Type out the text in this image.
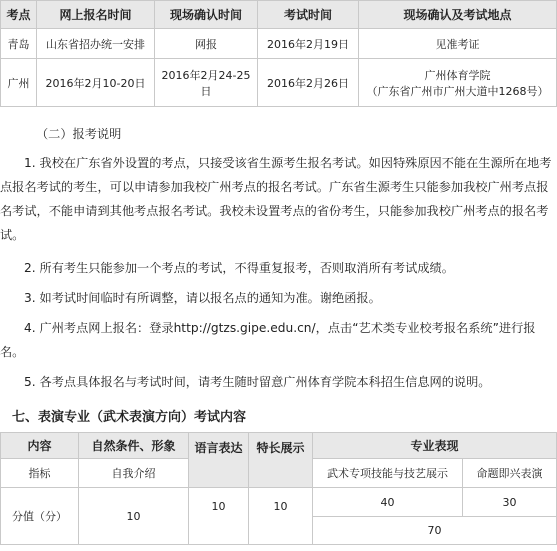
考点	网上报名时间	现场确认时间	考试时间	现场确认及考试地点
青岛	山东省招办统一安排	网报	2016年2月19日	见准考证
广州	2016年2月10-20日	2016年2月24-25日	2016年2月26日	广州体育学院
（广东省广州市广州大道中1268号）

（二）报考说明

1. 我校在广东省外设置的考点，只接受该省生源考生报名考试。如因特殊原因不能在生源所在地考点报名考试的考生，可以申请参加我校广州考点的报名考试。广东省生源考生只能参加我校广州考点报名考试，不能申请到其他考点报名考试。我校未设置考点的省份考生，只能参加我校广州考点的报名考试。

2. 所有考生只能参加一个考点的考试，不得重复报考，否则取消所有考试成绩。

3. 如考试时间临时有所调整，请以报名点的通知为准。谢绝函报。

4. 广州考点网上报名：登录http://gtzs.gipe.edu.cn/，点击“艺术类专业校考报名系统”进行报名。

5. 各考点具体报名与考试时间，请考生随时留意广州体育学院本科招生信息网的说明。

七、表演专业（武术表演方向）考试内容

内容	自然条件、形象	语言表达	特长展示	专业表现	
指标	自我介绍			武术专项技能与技艺展示	命题即兴表演
分值（分）	10	10	10	40	30
				70	
